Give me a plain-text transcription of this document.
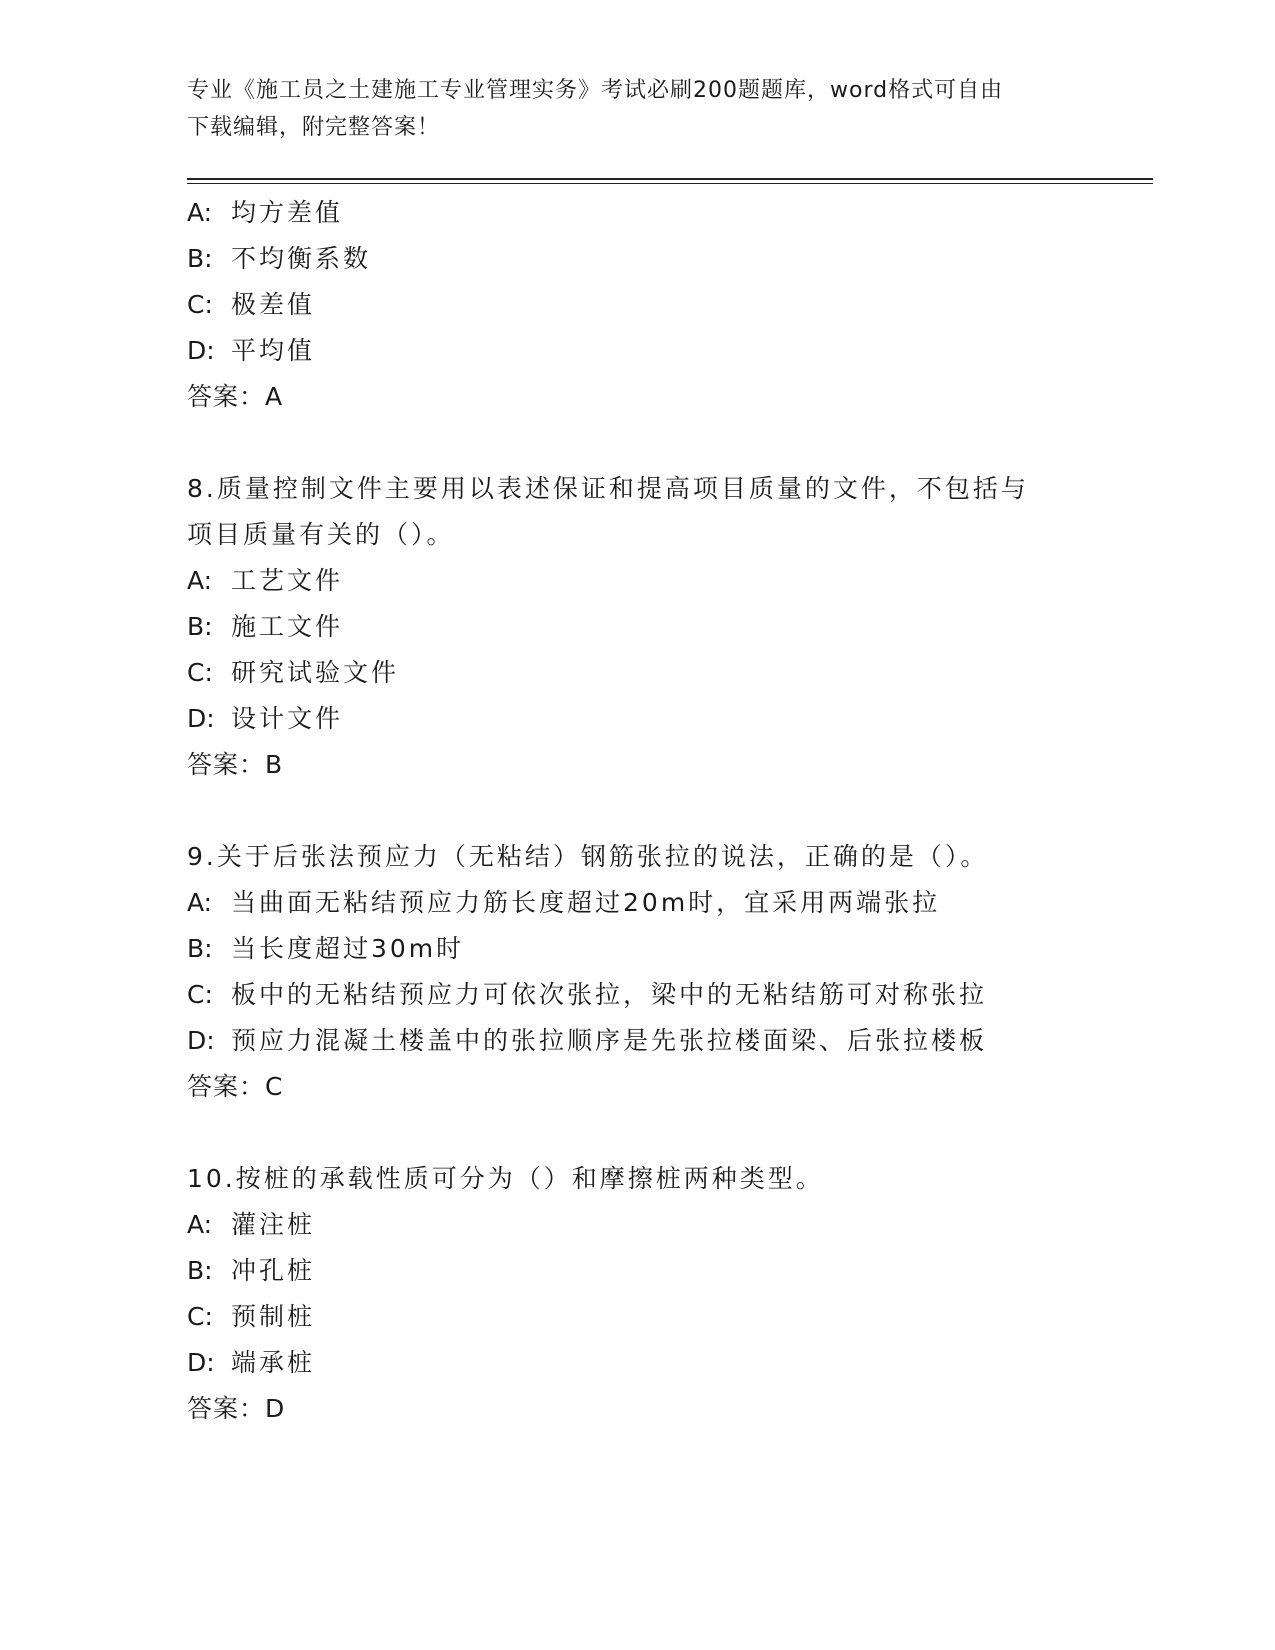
专业《施工员之土建施工专业管理实务》考试必刷200题题库，word格式可自由
下载编辑，附完整答案！
A: 均方差值
B: 不均衡系数
C: 极差值
D: 平均值
答案：A
8.质量控制文件主要用以表述保证和提高项目质量的文件，不包括与
项目质量有关的（）。
A: 工艺文件
B: 施工文件
C: 研究试验文件
D: 设计文件
答案：B
9.关于后张法预应力（无粘结）钢筋张拉的说法，正确的是（）。
A: 当曲面无粘结预应力筋长度超过20m时，宜采用两端张拉
B: 当长度超过30m时
C: 板中的无粘结预应力可依次张拉，梁中的无粘结筋可对称张拉
D: 预应力混凝土楼盖中的张拉顺序是先张拉楼面梁、后张拉楼板
答案：C
10.按桩的承载性质可分为（）和摩擦桩两种类型。
A: 灌注桩
B: 冲孔桩
C: 预制桩
D: 端承桩
答案：D
